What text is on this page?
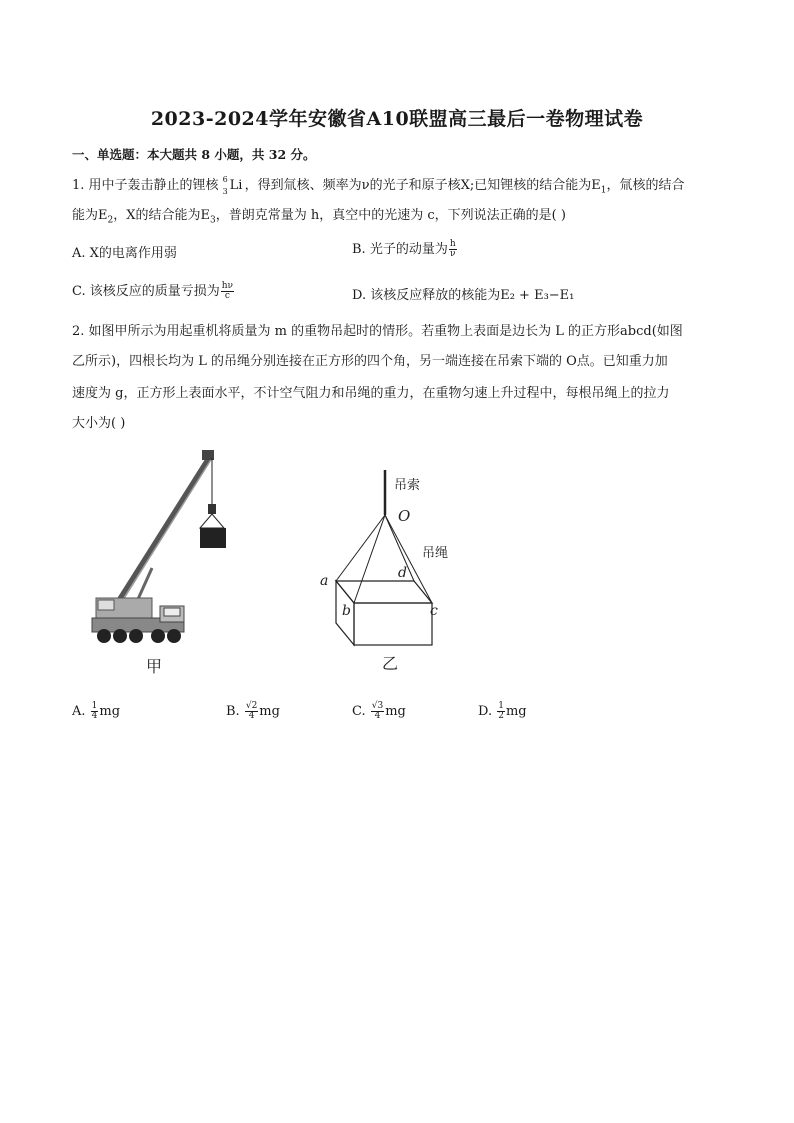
2023-2024学年安徽省A10联盟高三最后一卷物理试卷
一、单选题：本大题共 8 小题，共 32 分。
1. 用中子轰击静止的锂核 6
3 Li ，得到氚核、频率为ν的光子和原子核X;已知锂核的结合能为$E_1$，氚核的结合
能为$E_2$，X的结合能为$E_3$，普朗克常量为 h，真空中的光速为 c，下列说法正确的是( )
A. X的电离作用弱	B. 光子的动量为 $\frac{h}{\nu}$
C. 该核反应的质量亏损为 $\frac{h\nu}{c}$	D. 该核反应释放的核能为E₂ + E₃−E₁
2. 如图甲所示为用起重机将质量为 m 的重物吊起时的情形。若重物上表面是边长为 L 的正方形abcd(如图
乙所示)，四根长均为 L 的吊绳分别连接在正方形的四个角，另一端连接在吊索下端的 O点。已知重力加
速度为 g，正方形上表面水平，不计空气阻力和吊绳的重力，在重物匀速上升过程中，每根吊绳上的拉力
大小为( )
甲
吊索
O
吊绳
a
b	c
d
乙
A. $\frac{1}{4}$ mg	B. $\frac{√2}{4}$ mg	C. $\frac{√3}{4}$ mg	D. $\frac{1}{2}$ mg
